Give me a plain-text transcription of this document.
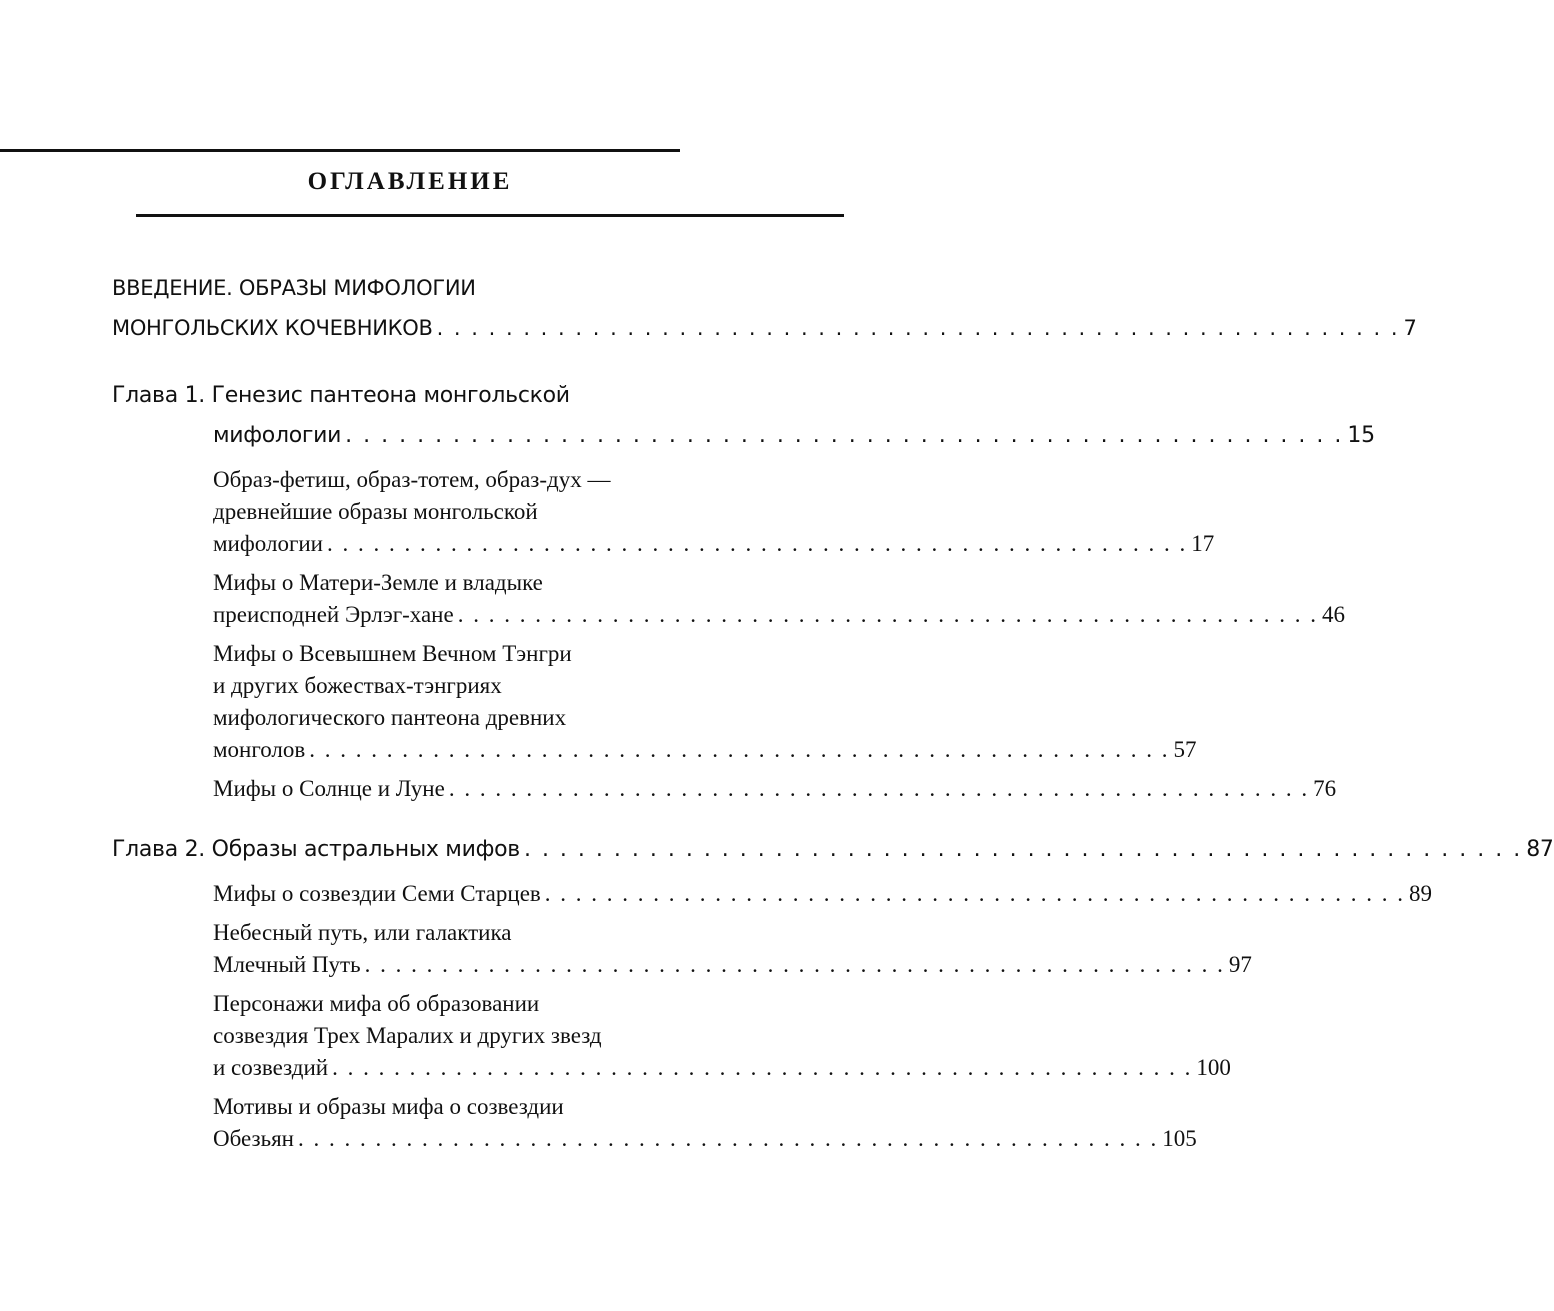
ОГЛАВЛЕНИЕ
ВВЕДЕНИЕ. ОБРАЗЫ МИФОЛОГИИ
МОНГОЛЬСКИХ КОЧЕВНИКОВ . . . . . . . . . . . . . . . . . . . . . . . . . . . . . . . . . . . . . . . . . . . . . . . . . . . . . . . . 7
Глава 1. Генезис пантеона монгольской
мифологии . . . . . . . . . . . . . . . . . . . . . . . . . . . . . . . . . . . . . . . . . . . . . . . . . . . . . . . . 15
Образ-фетиш, образ-тотем, образ-дух —
древнейшие образы монгольской
мифологии . . . . . . . . . . . . . . . . . . . . . . . . . . . . . . . . . . . . . . . . . . . . . . . . . . . . . . . . 17
Мифы о Матери-Земле и владыке
преисподней Эрлэг-хане . . . . . . . . . . . . . . . . . . . . . . . . . . . . . . . . . . . . . . . . . . . . . . . . . . . . . . . . 46
Мифы о Всевышнем Вечном Тэнгри
и других божествах-тэнгриях
мифологического пантеона древних
монголов . . . . . . . . . . . . . . . . . . . . . . . . . . . . . . . . . . . . . . . . . . . . . . . . . . . . . . . . 57
Мифы о Солнце и Луне . . . . . . . . . . . . . . . . . . . . . . . . . . . . . . . . . . . . . . . . . . . . . . . . . . . . . . . . 76
Глава 2. Образы астральных мифов . . . . . . . . . . . . . . . . . . . . . . . . . . . . . . . . . . . . . . . . . . . . . . . . . . . . . . . . 87
Мифы о созвездии Семи Старцев . . . . . . . . . . . . . . . . . . . . . . . . . . . . . . . . . . . . . . . . . . . . . . . . . . . . . . . . 89
Небесный путь, или галактика
Млечный Путь . . . . . . . . . . . . . . . . . . . . . . . . . . . . . . . . . . . . . . . . . . . . . . . . . . . . . . . . 97
Персонажи мифа об образовании
созвездия Трех Маралих и других звезд
и созвездий . . . . . . . . . . . . . . . . . . . . . . . . . . . . . . . . . . . . . . . . . . . . . . . . . . . . . . . . 100
Мотивы и образы мифа о созвездии
Обезьян . . . . . . . . . . . . . . . . . . . . . . . . . . . . . . . . . . . . . . . . . . . . . . . . . . . . . . . . 105
